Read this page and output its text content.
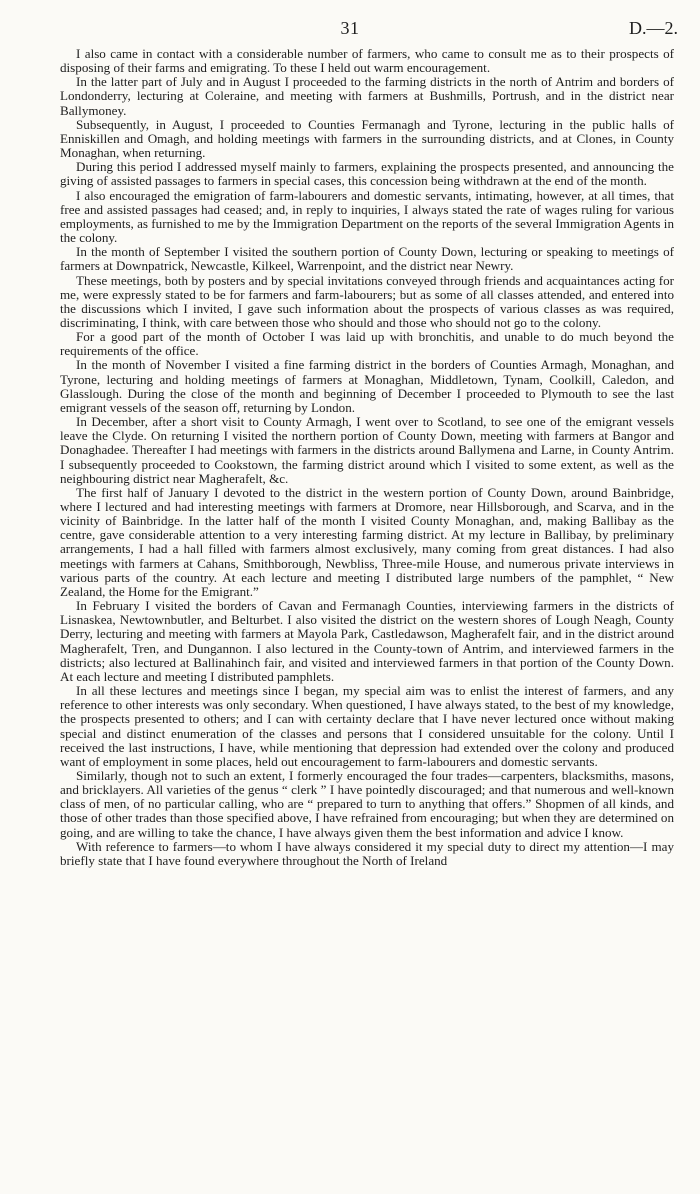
31	D.—2.

I also came in contact with a considerable number of farmers, who came to consult me as to their prospects of disposing of their farms and emigrating. To these I held out warm encouragement.

In the latter part of July and in August I proceeded to the farming districts in the north of Antrim and borders of Londonderry, lecturing at Coleraine, and meeting with farmers at Bushmills, Portrush, and in the district near Ballymoney.

Subsequently, in August, I proceeded to Counties Fermanagh and Tyrone, lecturing in the public halls of Enniskillen and Omagh, and holding meetings with farmers in the surrounding districts, and at Clones, in County Monaghan, when returning.

During this period I addressed myself mainly to farmers, explaining the prospects presented, and announcing the giving of assisted passages to farmers in special cases, this concession being withdrawn at the end of the month.

I also encouraged the emigration of farm-labourers and domestic servants, intimating, however, at all times, that free and assisted passages had ceased; and, in reply to inquiries, I always stated the rate of wages ruling for various employments, as furnished to me by the Immigration Department on the reports of the several Immigration Agents in the colony.

In the month of September I visited the southern portion of County Down, lecturing or speaking to meetings of farmers at Downpatrick, Newcastle, Kilkeel, Warrenpoint, and the district near Newry.

These meetings, both by posters and by special invitations conveyed through friends and acquaintances acting for me, were expressly stated to be for farmers and farm-labourers; but as some of all classes attended, and entered into the discussions which I invited, I gave such information about the prospects of various classes as was required, discriminating, I think, with care between those who should and those who should not go to the colony.

For a good part of the month of October I was laid up with bronchitis, and unable to do much beyond the requirements of the office.

In the month of November I visited a fine farming district in the borders of Counties Armagh, Monaghan, and Tyrone, lecturing and holding meetings of farmers at Monaghan, Middletown, Tynam, Coolkill, Caledon, and Glasslough. During the close of the month and beginning of December I proceeded to Plymouth to see the last emigrant vessels of the season off, returning by London.

In December, after a short visit to County Armagh, I went over to Scotland, to see one of the emigrant vessels leave the Clyde. On returning I visited the northern portion of County Down, meeting with farmers at Bangor and Donaghadee. Thereafter I had meetings with farmers in the districts around Ballymena and Larne, in County Antrim. I subsequently proceeded to Cookstown, the farming district around which I visited to some extent, as well as the neighbouring district near Magherafelt, &c.

The first half of January I devoted to the district in the western portion of County Down, around Bainbridge, where I lectured and had interesting meetings with farmers at Dromore, near Hillsborough, and Scarva, and in the vicinity of Bainbridge. In the latter half of the month I visited County Monaghan, and, making Ballibay as the centre, gave considerable attention to a very interesting farming district. At my lecture in Ballibay, by preliminary arrangements, I had a hall filled with farmers almost exclusively, many coming from great distances. I had also meetings with farmers at Cahans, Smithborough, Newbliss, Three-mile House, and numerous private interviews in various parts of the country. At each lecture and meeting I distributed large numbers of the pamphlet, “ New Zealand, the Home for the Emigrant.”

In February I visited the borders of Cavan and Fermanagh Counties, interviewing farmers in the districts of Lisnaskea, Newtownbutler, and Belturbet. I also visited the district on the western shores of Lough Neagh, County Derry, lecturing and meeting with farmers at Mayola Park, Castledawson, Magherafelt fair, and in the district around Magherafelt, Tren, and Dungannon. I also lectured in the County-town of Antrim, and interviewed farmers in the districts; also lectured at Ballinahinch fair, and visited and interviewed farmers in that portion of the County Down. At each lecture and meeting I distributed pamphlets.

In all these lectures and meetings since I began, my special aim was to enlist the interest of farmers, and any reference to other interests was only secondary. When questioned, I have always stated, to the best of my knowledge, the prospects presented to others; and I can with certainty declare that I have never lectured once without making special and distinct enumeration of the classes and persons that I considered unsuitable for the colony. Until I received the last instructions, I have, while mentioning that depression had extended over the colony and produced want of employment in some places, held out encouragement to farm-labourers and domestic servants.

Similarly, though not to such an extent, I formerly encouraged the four trades—carpenters, blacksmiths, masons, and bricklayers. All varieties of the genus “ clerk ” I have pointedly discouraged; and that numerous and well-known class of men, of no particular calling, who are “ prepared to turn to anything that offers.” Shopmen of all kinds, and those of other trades than those specified above, I have refrained from encouraging; but when they are determined on going, and are willing to take the chance, I have always given them the best information and advice I know.

With reference to farmers—to whom I have always considered it my special duty to direct my attention—I may briefly state that I have found everywhere throughout the North of Ireland
